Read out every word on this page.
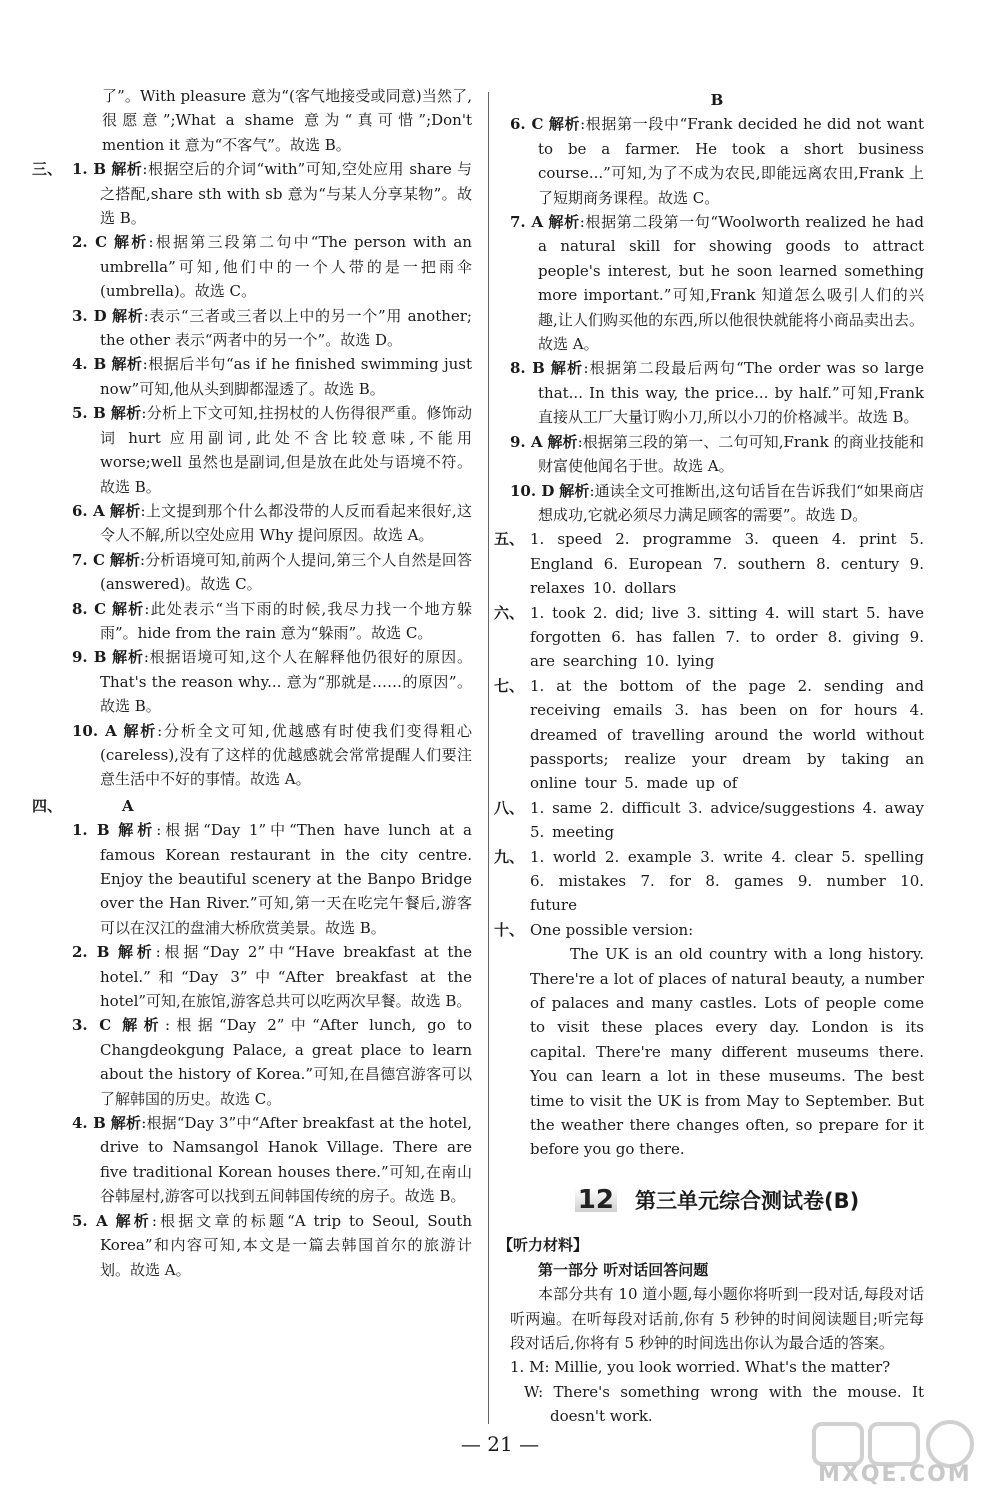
了”。With pleasure 意为“(客气地接受或同意)当然了,很愿意”;What a shame 意为“真可惜”;Don't mention it 意为“不客气”。故选 B。

三、 1. B 解析:根据空后的介词“with”可知,空处应用 share 与之搭配,share sth with sb 意为“与某人分享某物”。故选 B。

2. C 解析:根据第三段第二句中“The person with an umbrella”可知,他们中的一个人带的是一把雨伞(umbrella)。故选 C。

3. D 解析:表示“三者或三者以上中的另一个”用 another; the other 表示“两者中的另一个”。故选 D。

4. B 解析:根据后半句“as if he finished swimming just now”可知,他从头到脚都湿透了。故选 B。

5. B 解析:分析上下文可知,拄拐杖的人伤得很严重。修饰动词 hurt 应用副词,此处不含比较意味,不能用 worse;well 虽然也是副词,但是放在此处与语境不符。故选 B。

6. A 解析:上文提到那个什么都没带的人反而看起来很好,这令人不解,所以空处应用 Why 提问原因。故选 A。

7. C 解析:分析语境可知,前两个人提问,第三个人自然是回答(answered)。故选 C。

8. C 解析:此处表示“当下雨的时候,我尽力找一个地方躲雨”。hide from the rain 意为“躲雨”。故选 C。

9. B 解析:根据语境可知,这个人在解释他仍很好的原因。That's the reason why... 意为“那就是……的原因”。故选 B。

10. A 解析:分析全文可知,优越感有时使我们变得粗心(careless),没有了这样的优越感就会常常提醒人们要注意生活中不好的事情。故选 A。

四、	A

1. B 解析:根据“Day 1”中“Then have lunch at a famous Korean restaurant in the city centre. Enjoy the beautiful scenery at the Banpo Bridge over the Han River.”可知,第一天在吃完午餐后,游客可以在汉江的盘浦大桥欣赏美景。故选 B。

2. B 解析:根据“Day 2”中“Have breakfast at the hotel.”和“Day 3”中“After breakfast at the hotel”可知,在旅馆,游客总共可以吃两次早餐。故选 B。

3. C 解析:根据“Day 2”中“After lunch, go to Changdeokgung Palace, a great place to learn about the history of Korea.”可知,在昌德宫游客可以了解韩国的历史。故选 C。

4. B 解析:根据“Day 3”中“After breakfast at the hotel, drive to Namsangol Hanok Village. There are five traditional Korean houses there.”可知,在南山谷韩屋村,游客可以找到五间韩国传统的房子。故选 B。

5. A 解析:根据文章的标题“A trip to Seoul, South Korea”和内容可知,本文是一篇去韩国首尔的旅游计划。故选 A。

B

6. C 解析:根据第一段中“Frank decided he did not want to be a farmer. He took a short business course...”可知,为了不成为农民,即能远离农田,Frank 上了短期商务课程。故选 C。

7. A 解析:根据第二段第一句“Woolworth realized he had a natural skill for showing goods to attract people's interest, but he soon learned something more important.”可知,Frank 知道怎么吸引人们的兴趣,让人们购买他的东西,所以他很快就能将小商品卖出去。故选 A。

8. B 解析:根据第二段最后两句“The order was so large that... In this way, the price... by half.”可知,Frank 直接从工厂大量订购小刀,所以小刀的价格减半。故选 B。

9. A 解析:根据第三段的第一、二句可知,Frank 的商业技能和财富使他闻名于世。故选 A。

10. D 解析:通读全文可推断出,这句话旨在告诉我们“如果商店想成功,它就必须尽力满足顾客的需要”。故选 D。

五、 1. speed 2. programme 3. queen 4. print 5. England 6. European 7. southern 8. century 9. relaxes 10. dollars
六、 1. took 2. did; live 3. sitting 4. will start 5. have forgotten 6. has fallen 7. to order 8. giving 9. are searching 10. lying
七、 1. at the bottom of the page 2. sending and receiving emails 3. has been on for hours 4. dreamed of travelling around the world without passports; realize your dream by taking an online tour 5. made up of
八、 1. same 2. difficult 3. advice/suggestions 4. away 5. meeting
九、 1. world 2. example 3. write 4. clear 5. spelling 6. mistakes 7. for 8. games 9. number 10. future
十、 One possible version:

The UK is an old country with a long history. There're a lot of places of natural beauty, a number of palaces and many castles. Lots of people come to visit these places every day. London is its capital. There're many different museums there. You can learn a lot in these museums. The best time to visit the UK is from May to September. But the weather there changes often, so prepare for it before you go there.

12 第三单元综合测试卷(B)
【听力材料】
第一部分 听对话回答问题

本部分共有 10 道小题,每小题你将听到一段对话,每段对话听两遍。在听每段对话前,你有 5 秒钟的时间阅读题目;听完每段对话后,你将有 5 秒钟的时间选出你认为最合适的答案。

1. M: Millie, you look worried. What's the matter?

W: There's something wrong with the mouse. It doesn't work.

— 21 —
MXQE.COM
